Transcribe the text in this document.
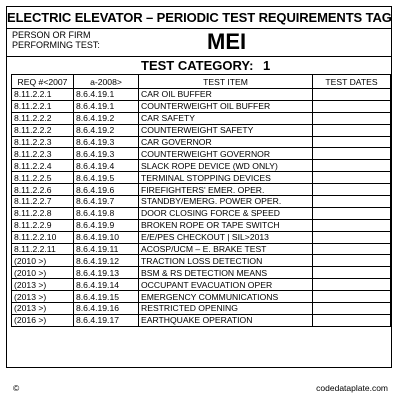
ELECTRIC ELEVATOR – PERIODIC TEST REQUIREMENTS TAG
PERSON OR FIRM
PERFORMING TEST:	MEI
TEST CATEGORY: 1
REQ #<2007	a-2008>	TEST ITEM	TEST DATES
8.11.2.2.1	8.6.4.19.1	CAR OIL BUFFER	
8.11.2.2.1	8.6.4.19.1	COUNTERWEIGHT OIL BUFFER	
8.11.2.2.2	8.6.4.19.2	CAR SAFETY	
8.11.2.2.2	8.6.4.19.2	COUNTERWEIGHT SAFETY	
8.11.2.2.3	8.6.4.19.3	CAR GOVERNOR	
8.11.2.2.3	8.6.4.19.3	COUNTERWEIGHT GOVERNOR	
8.11.2.2.4	8.6.4.19.4	SLACK ROPE DEVICE (WD ONLY)	
8.11.2.2.5	8.6.4.19.5	TERMINAL STOPPING DEVICES	
8.11.2.2.6	8.6.4.19.6	FIREFIGHTERS' EMER. OPER.	
8.11.2.2.7	8.6.4.19.7	STANDBY/EMERG. POWER OPER.	
8.11.2.2.8	8.6.4.19.8	DOOR CLOSING FORCE & SPEED	
8.11.2.2.9	8.6.4.19.9	BROKEN ROPE OR TAPE SWITCH	
8.11.2.2.10	8.6.4.19.10	E/E/PES CHECKOUT | SIL>2013	
8.11.2.2.11	8.6.4.19.11	ACOSP/UCM – E. BRAKE TEST	
(2010 >)	8.6.4.19.12	TRACTION LOSS DETECTION	
(2010 >)	8.6.4.19.13	BSM & RS DETECTION MEANS	
(2013 >)	8.6.4.19.14	OCCUPANT EVACUATION OPER	
(2013 >)	8.6.4.19.15	EMERGENCY COMMUNICATIONS	
(2013 >)	8.6.4.19.16	RESTRICTED OPENING	
(2016 >)	8.6.4.19.17	EARTHQUAKE OPERATION	
©	codedataplate.com
